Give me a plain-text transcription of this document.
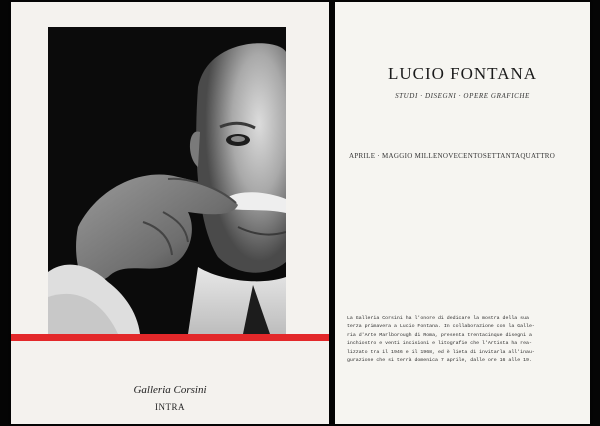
Galleria Corsini
INTRA
LUCIO FONTANA
STUDI · DISEGNI · OPERE GRAFICHE
APRILE · MAGGIO MILLENOVECENTOSETTANTAQUATTRO
La Galleria Corsini ha l'onore di dedicare la mostra della sua
terza primavera a Lucio Fontana. In collaborazione con la Galle-
ria d'Arte Marlborough di Roma, presenta trentacinque disegni a
inchiostro e venti incisioni e litografie che l'Artista ha rea-
lizzato tra il 1946 e il 1968, ed è lieta di invitarla all'inau-
gurazione che si terrà domenica 7 aprile, dalle ore 16 alle 19.
